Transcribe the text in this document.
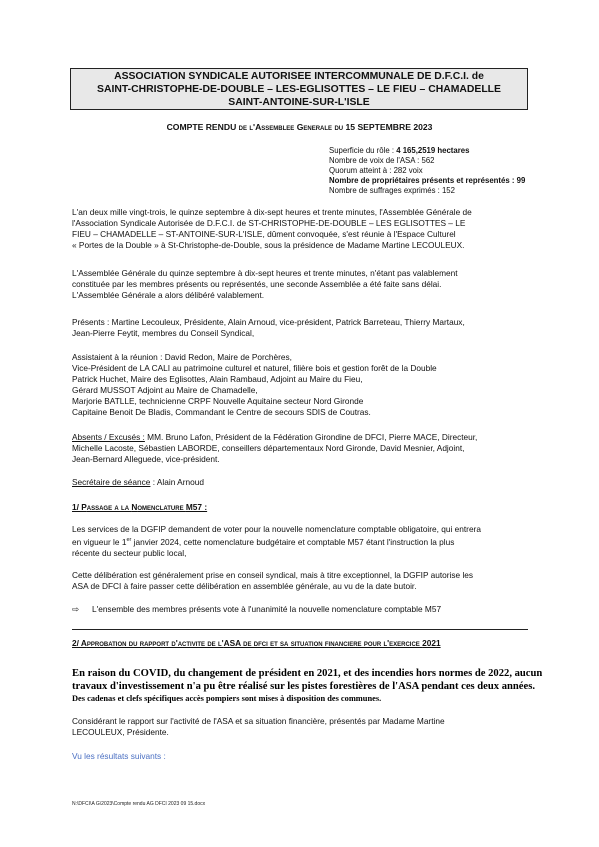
ASSOCIATION SYNDICALE AUTORISEE INTERCOMMUNALE DE D.F.C.I. de
SAINT-CHRISTOPHE-DE-DOUBLE – LES-EGLISOTTES – LE FIEU – CHAMADELLE
SAINT-ANTOINE-SUR-L'ISLE
COMPTE RENDU de l'Assemblee Generale du 15 SEPTEMBRE 2023
Superficie du rôle : 4 165,2519 hectares
Nombre de voix de l'ASA : 562
Quorum atteint à : 282 voix
Nombre de propriétaires présents et représentés : 99
Nombre de suffrages exprimés : 152
L'an deux mille vingt-trois, le quinze septembre à dix-sept heures et trente minutes, l'Assemblée Générale de
l'Association Syndicale Autorisée de D.F.C.I. de ST-CHRISTOPHE-DE-DOUBLE – LES EGLISOTTES – LE
FIEU – CHAMADELLE – ST-ANTOINE-SUR-L'ISLE, dûment convoquée, s'est réunie à l'Espace Culturel
« Portes de la Double » à St-Christophe-de-Double, sous la présidence de Madame Martine LECOULEUX.
L'Assemblée Générale du quinze septembre à dix-sept heures et trente minutes, n'étant pas valablement
constituée par les membres présents ou représentés, une seconde Assemblée a été faite sans délai.
L'Assemblée Générale a alors délibéré valablement.
Présents : Martine Lecouleux, Présidente, Alain Arnoud, vice-président, Patrick Barreteau, Thierry Martaux,
Jean-Pierre Feytit, membres du Conseil Syndical,
Assistaient à la réunion : David Redon, Maire de Porchères,
Vice-Président de LA CALI au patrimoine culturel et naturel, filière bois et gestion forêt de la Double
Patrick Huchet, Maire des Eglisottes, Alain Rambaud, Adjoint au Maire du Fieu,
Gérard MUSSOT Adjoint au Maire de Chamadelle,
Marjorie BATLLE, technicienne CRPF Nouvelle Aquitaine secteur Nord Gironde
Capitaine Benoit De Bladis, Commandant le Centre de secours SDIS de Coutras.
Absents / Excusés : MM. Bruno Lafon, Président de la Fédération Girondine de DFCI, Pierre MACE, Directeur,
Michelle Lacoste, Sébastien LABORDE, conseillers départementaux Nord Gironde, David Mesnier, Adjoint,
Jean-Bernard Alleguede, vice-président.
Secrétaire de séance : Alain Arnoud
1/ Passage a la Nomenclature M57 :
Les services de la DGFIP demandent de voter pour la nouvelle nomenclature comptable obligatoire, qui entrera
en vigueur le 1er janvier 2024, cette nomenclature budgétaire et comptable M57 étant l'instruction la plus
récente du secteur public local,
Cette délibération est généralement prise en conseil syndical, mais à titre exceptionnel, la DGFIP autorise les
ASA de DFCI à faire passer cette délibération en assemblée générale, au vu de la date butoir.
⇨ L'ensemble des membres présents vote à l'unanimité la nouvelle nomenclature comptable M57
2/ Approbation du rapport d'activite de l'ASA de dfci et sa situation financiere pour l'exercice 2021
En raison du COVID, du changement de président en 2021, et des incendies hors normes de 2022, aucun
travaux d'investissement n'a pu être réalisé sur les pistes forestières de l'ASA pendant ces deux années.
Des cadenas et clefs spécifiques accès pompiers sont mises à disposition des communes.
Considérant le rapport sur l'activité de l'ASA et sa situation financière, présentés par Madame Martine
LECOULEUX, Présidente.
Vu les résultats suivants :
N:\DFCI\A G\2023\Compte rendu AG DFCI 2023 09 15.docx
